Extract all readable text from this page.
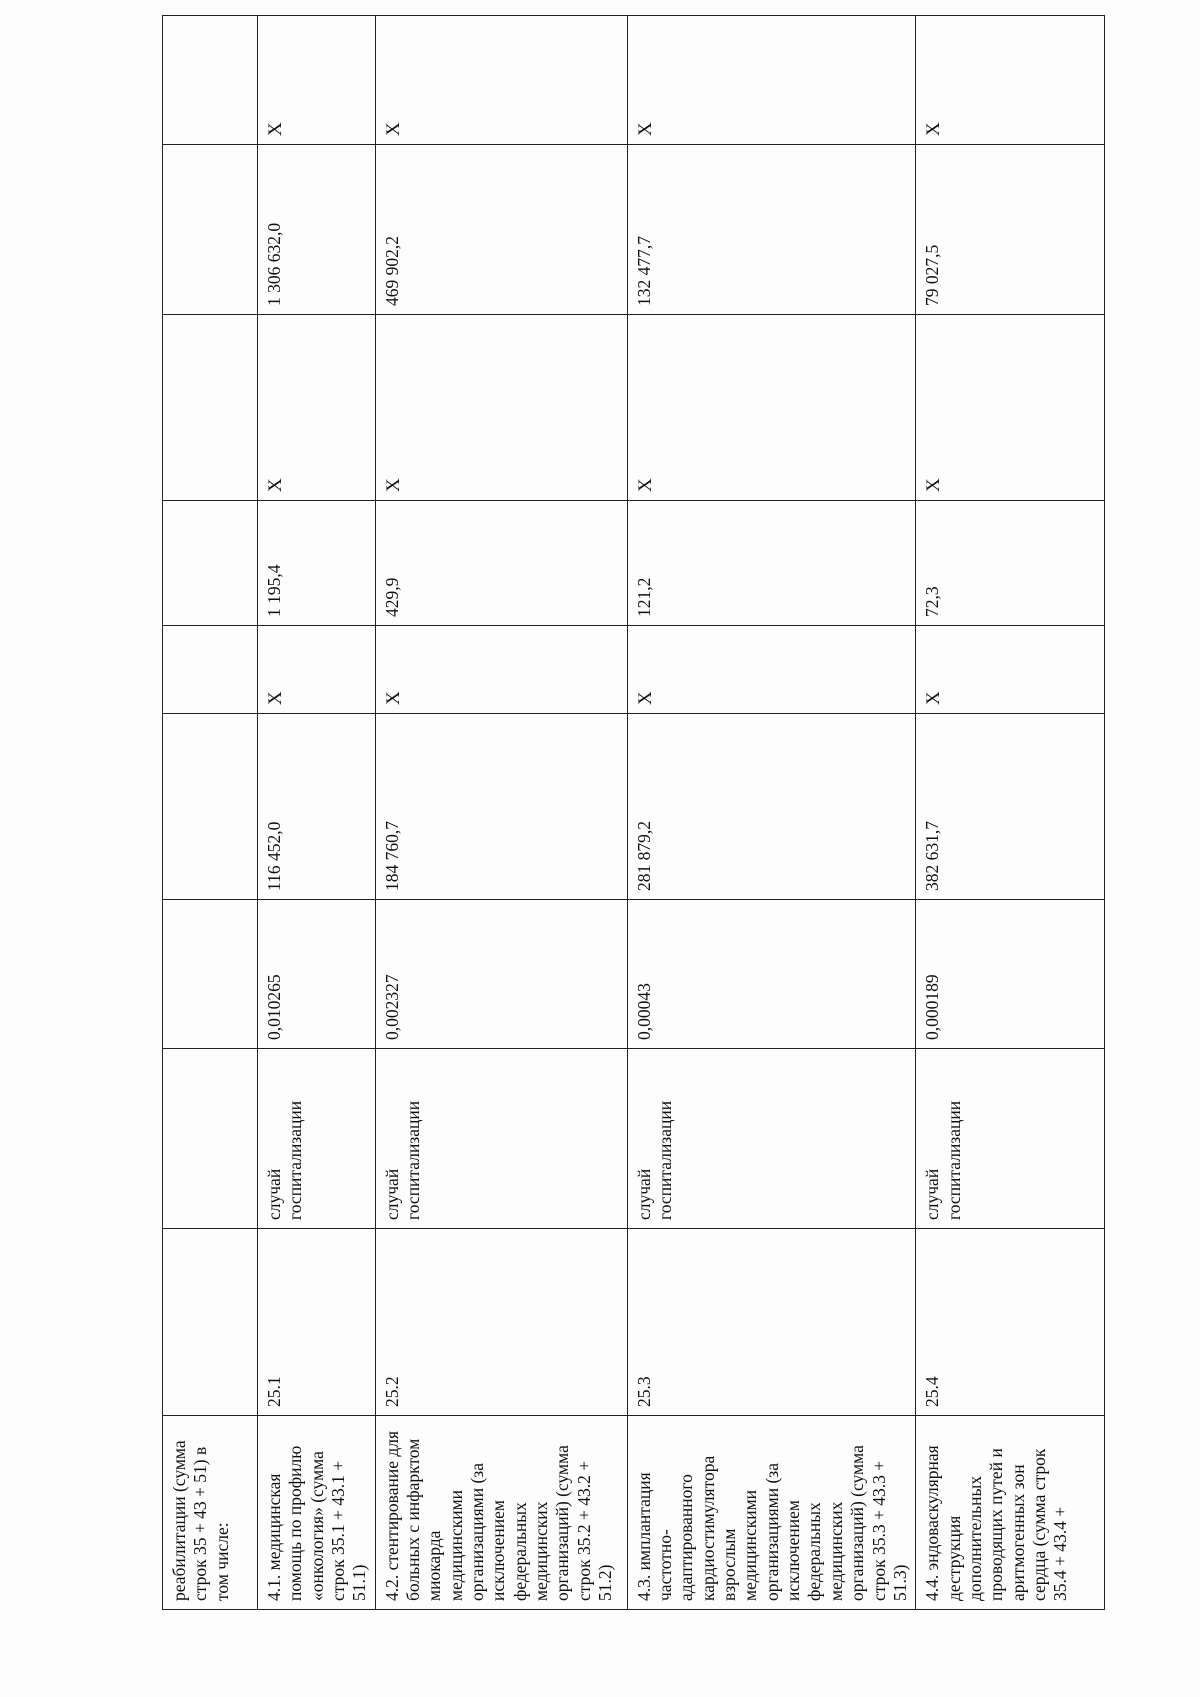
реабилитации (сумма строк 35 + 43 + 51) в том числе:									
4.1. медицинская помощь по профилю «онкология» (сумма строк 35.1 + 43.1 + 51.1)	25.1	случай госпитализации	0,010265	116 452,0	X	1 195,4	X	1 306 632,0	X
4.2. стентирование для больных с инфарктом миокарда медицинскими организациями (за исключением федеральных медицинских организаций) (сумма строк 35.2 + 43.2 + 51.2)	25.2	случай госпитализации	0,002327	184 760,7	X	429,9	X	469 902,2	X
4.3. имплантация частотно-адаптированного кардиостимулятора взрослым медицинскими организациями (за исключением федеральных медицинских организаций) (сумма строк 35.3 + 43.3 + 51.3)	25.3	случай госпитализации	0,00043	281 879,2	X	121,2	X	132 477,7	X
4.4. эндоваскулярная деструкция дополнительных проводящих путей и аритмогенных зон сердца (сумма строк 35.4 + 43.4 +	25.4	случай госпитализации	0,000189	382 631,7	X	72,3	X	79 027,5	X
